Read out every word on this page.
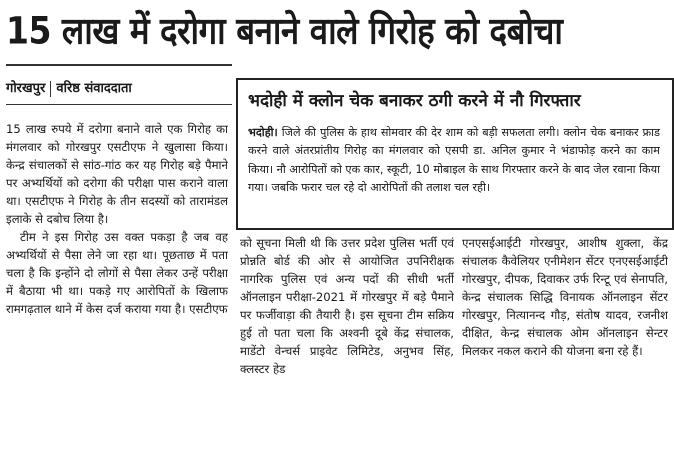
15 लाख में दरोगा बनाने वाले गिरोह को दबोचा
गोरखपुर वरिष्ठ संवाददाता

15 लाख रुपये में दरोगा बनाने वाले एक गिरोह का मंगलवार को गोरखपुर एसटीएफ ने खुलासा किया। केन्द्र संचालकों से सांठ-गांठ कर यह गिरोह बड़े पैमाने पर अभ्यर्थियों को दरोगा की परीक्षा पास कराने वाला था। एसटीएफ ने गिरोह के तीन सदस्यों को तारामंडल इलाके से दबोच लिया है।

टीम ने इस गिरोह उस वक्त पकड़ा है जब वह अभ्यर्थियों से पैसा लेने जा रहा था। पूछताछ में पता चला है कि इन्होंने दो लोगों से पैसा लेकर उन्हें परीक्षा में बैठाया भी था। पकड़े गए आरोपितों के खिलाफ रामगढ़ताल थाने में केस दर्ज कराया गया है। एसटीएफ

भदोही में क्लोन चेक बनाकर ठगी करने में नौ गिरफ्तार
भदोही। जिले की पुलिस के हाथ सोमवार की देर शाम को बड़ी सफलता लगी। क्लोन चेक बनाकर फ्राड करने वाले अंतरप्रांतीय गिरोह का मंगलवार को एसपी डा. अनिल कुमार ने भंडाफोड़ करने का काम किया। नौ आरोपितों को एक कार, स्कूटी, 10 मोबाइल के साथ गिरफ्तार करने के बाद जेल रवाना किया गया। जबकि फरार चल रहे दो आरोपितों की तलाश चल रही।

को सूचना मिली थी कि उत्तर प्रदेश पुलिस भर्ती एवं प्रोन्नति बोर्ड की ओर से आयोजित उपनिरीक्षक नागरिक पुलिस एवं अन्य पदों की सीधी भर्ती ऑनलाइन परीक्षा-2021 में गोरखपुर में बड़े पैमाने पर फर्जीवाड़ा की तैयारी है। इस सूचना टीम सक्रिय हुई तो पता चला कि अश्वनी दूबे केंद्र संचालक, माडेंटो वेन्चर्स प्राइवेट लिमिटेड, अनुभव सिंह, क्लस्टर हेड

एनएसईआईटी गोरखपुर, आशीष शुक्ला, केंद्र संचालक कैवेलियर एनीमेशन सेंटर एनएसईआईटी गोरखपुर, दीपक, दिवाकर उर्फ रिन्टू एवं सेनापति, केन्द्र संचालक सिद्धि विनायक ऑनलाइन सेंटर गोरखपुर, नित्यानन्द गौड़, संतोष यादव, रजनीश दीक्षित, केन्द्र संचालक ओम ऑनलाइन सेन्टर मिलकर नकल कराने की योजना बना रहे हैं।
